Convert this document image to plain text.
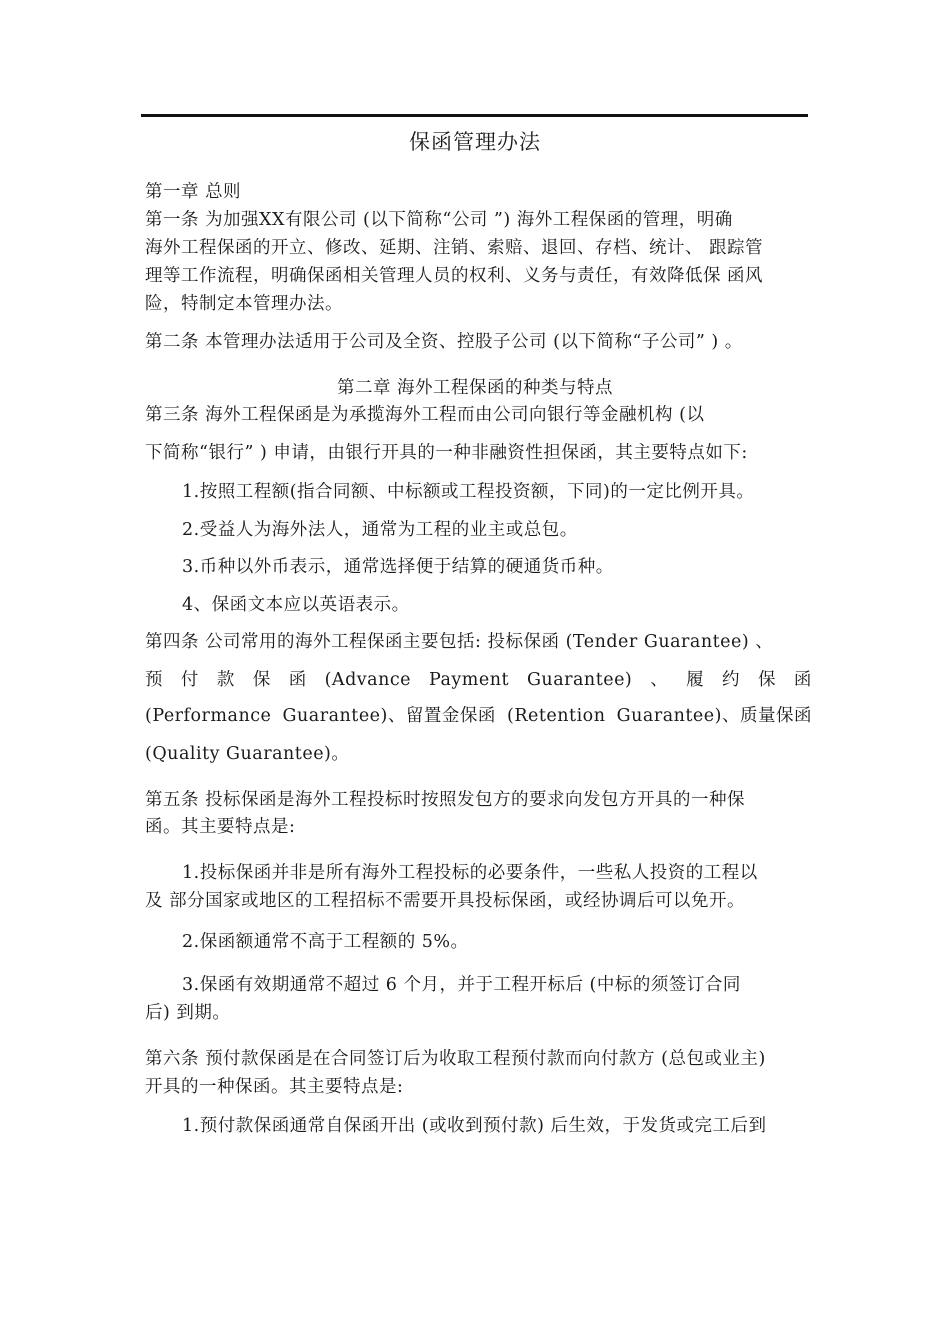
保函管理办法
第一章 总则
第一条 为加强XX有限公司 (以下简称“公司 ”) 海外工程保函的管理，明确
海外工程保函的开立、修改、延期、注销、索赔、退回、存档、统计、 跟踪管
理等工作流程，明确保函相关管理人员的权利、义务与责任，有效降低保 函风
险，特制定本管理办法。
第二条 本管理办法适用于公司及全资、控股子公司 (以下简称“子公司” ) 。
第二章 海外工程保函的种类与特点
第三条 海外工程保函是为承揽海外工程而由公司向银行等金融机构 (以
下简称“银行” ) 申请，由银行开具的一种非融资性担保函，其主要特点如下:
1.按照工程额(指合同额、中标额或工程投资额，下同)的一定比例开具。
2.受益人为海外法人，通常为工程的业主或总包。
3.币种以外币表示，通常选择便于结算的硬通货币种。
4、保函文本应以英语表示。
第四条 公司常用的海外工程保函主要包括: 投标保函 (Tender Guarantee) 、
预 付 款 保 函 (Advance Payment Guarantee) 、 履 约 保 函
(Performance Guarantee)、留置金保函 (Retention Guarantee)、质量保函
(Quality Guarantee)。
第五条 投标保函是海外工程投标时按照发包方的要求向发包方开具的一种保
函。其主要特点是:
1.投标保函并非是所有海外工程投标的必要条件，一些私人投资的工程以
及 部分国家或地区的工程招标不需要开具投标保函，或经协调后可以免开。
2.保函额通常不高于工程额的 5%。
3.保函有效期通常不超过 6 个月，并于工程开标后 (中标的须签订合同
后) 到期。
第六条 预付款保函是在合同签订后为收取工程预付款而向付款方 (总包或业主)
开具的一种保函。其主要特点是:
1.预付款保函通常自保函开出 (或收到预付款) 后生效，于发货或完工后到
